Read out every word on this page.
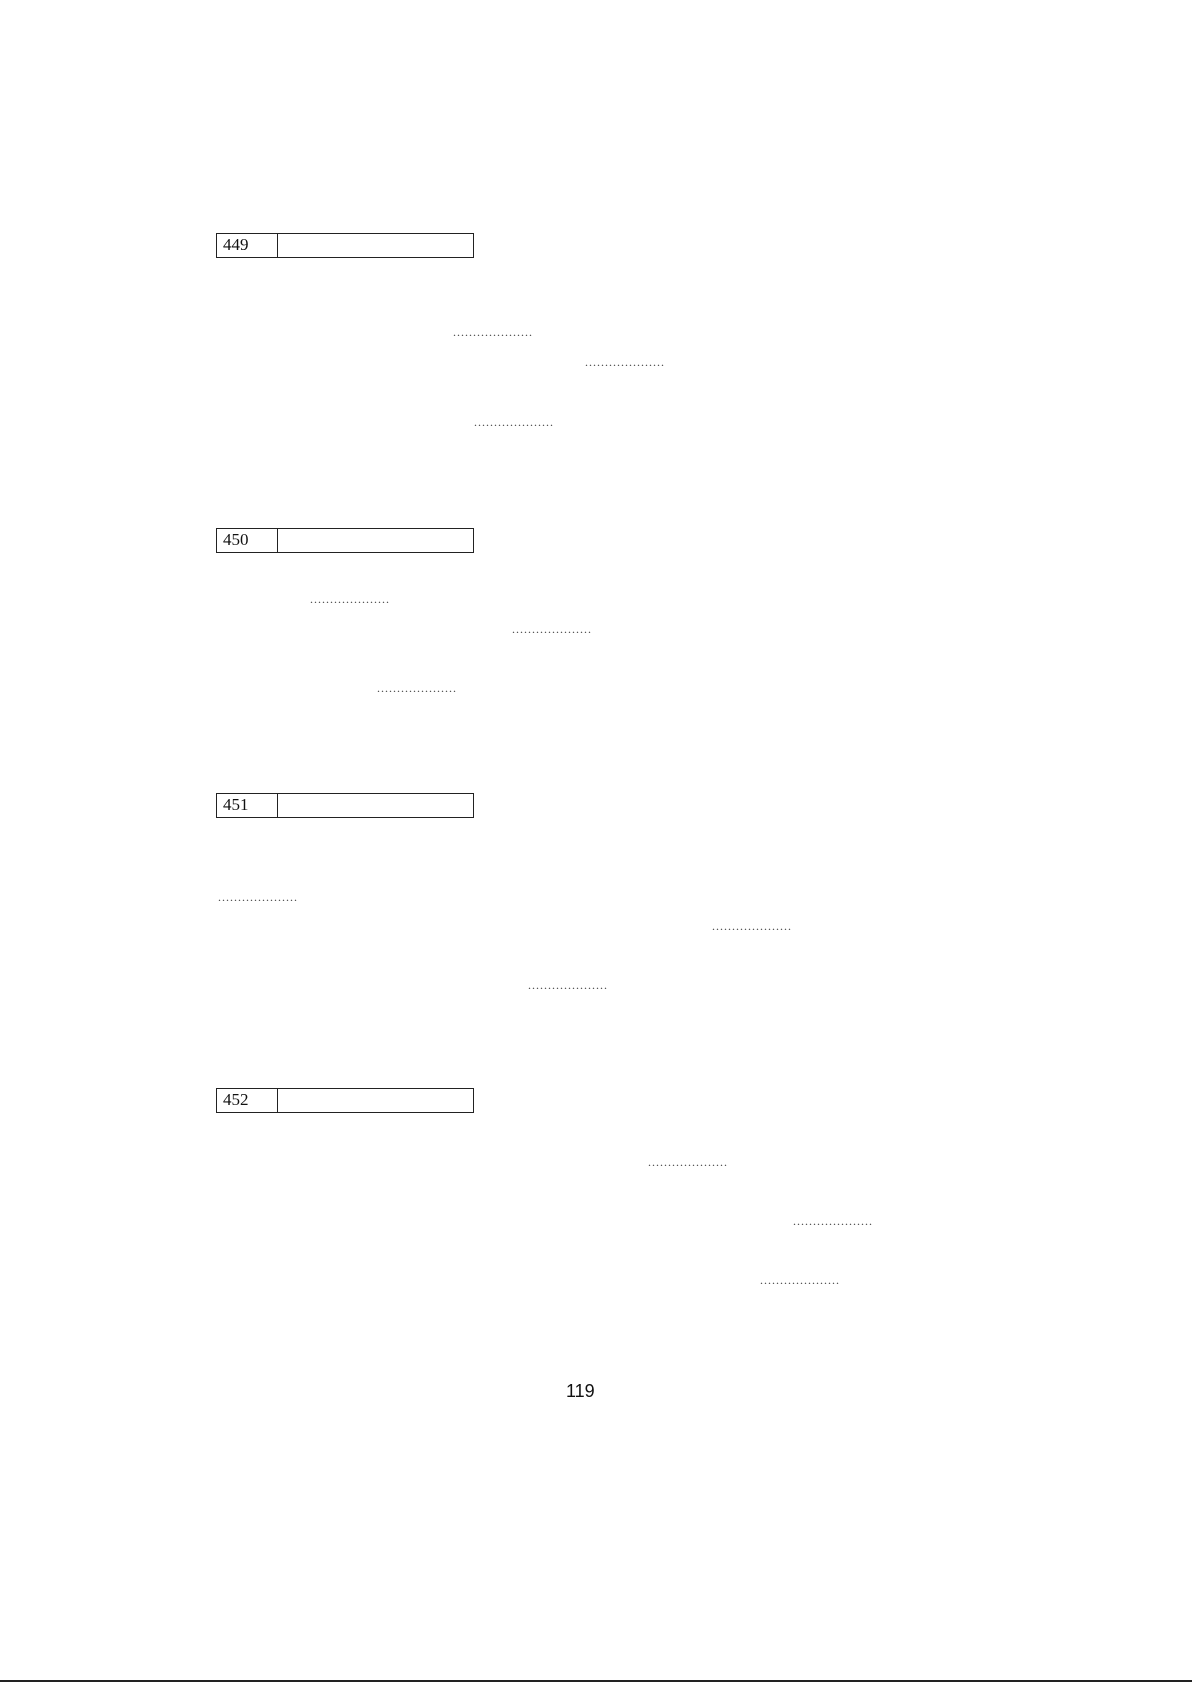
449
....................
....................
....................
450
....................
....................
....................
451
....................
....................
....................
452
....................
....................
....................
119
